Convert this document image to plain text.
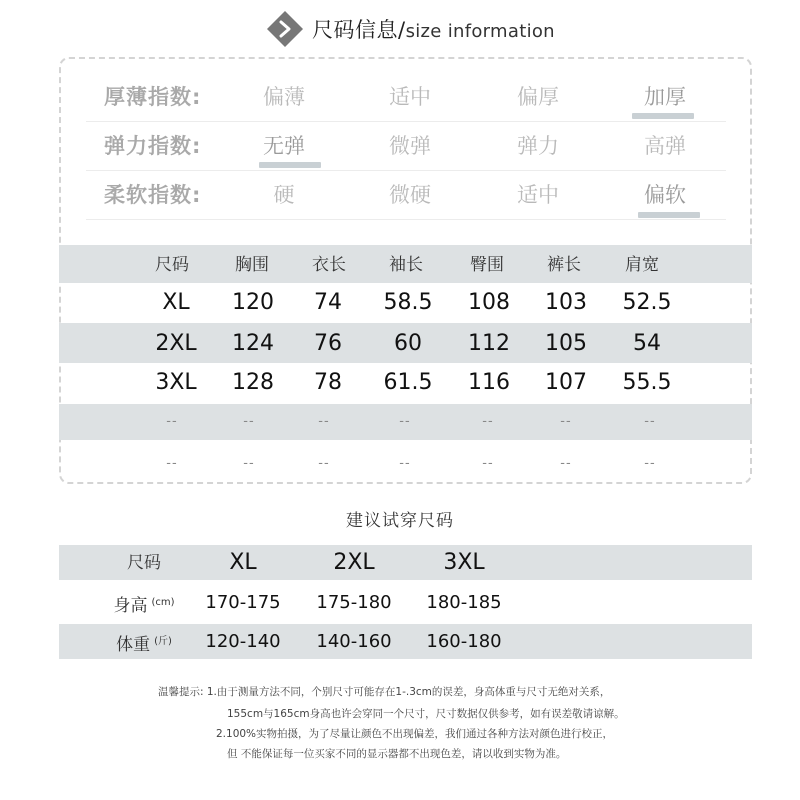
尺码信息/size information
厚薄指数:	偏薄	适中	偏厚	加厚
弹力指数:	无弹	微弹	弹力	高弹
柔软指数:	硬	微硬	适中	偏软
尺码	胸围	衣长	袖长	臀围	裤长	肩宽
XL	120	74	58.5	108	103	52.5
2XL	124	76	60	112	105	54
3XL	128	78	61.5	116	107	55.5
--	--	--	--	--	--	--
--	--	--	--	--	--	--
建议试穿尺码
尺码	XL	2XL	3XL
身高 $^{(cm)}$	170-175	175-180	180-185
体重 $^{(斤)}$	120-140	140-160	160-180
温馨提示: 1.由于测量方法不同，个别尺寸可能存在1-.3cm的误差，身高体重与尺寸无绝对关系，
155cm与165cm身高也许会穿同一个尺寸，尺寸数据仅供参考，如有误差敬请谅解。
2.100%实物拍摄，为了尽量让颜色不出现偏差，我们通过各种方法对颜色进行校正，
但 不能保证每一位买家不同的显示器都不出现色差，请以收到实物为准。
